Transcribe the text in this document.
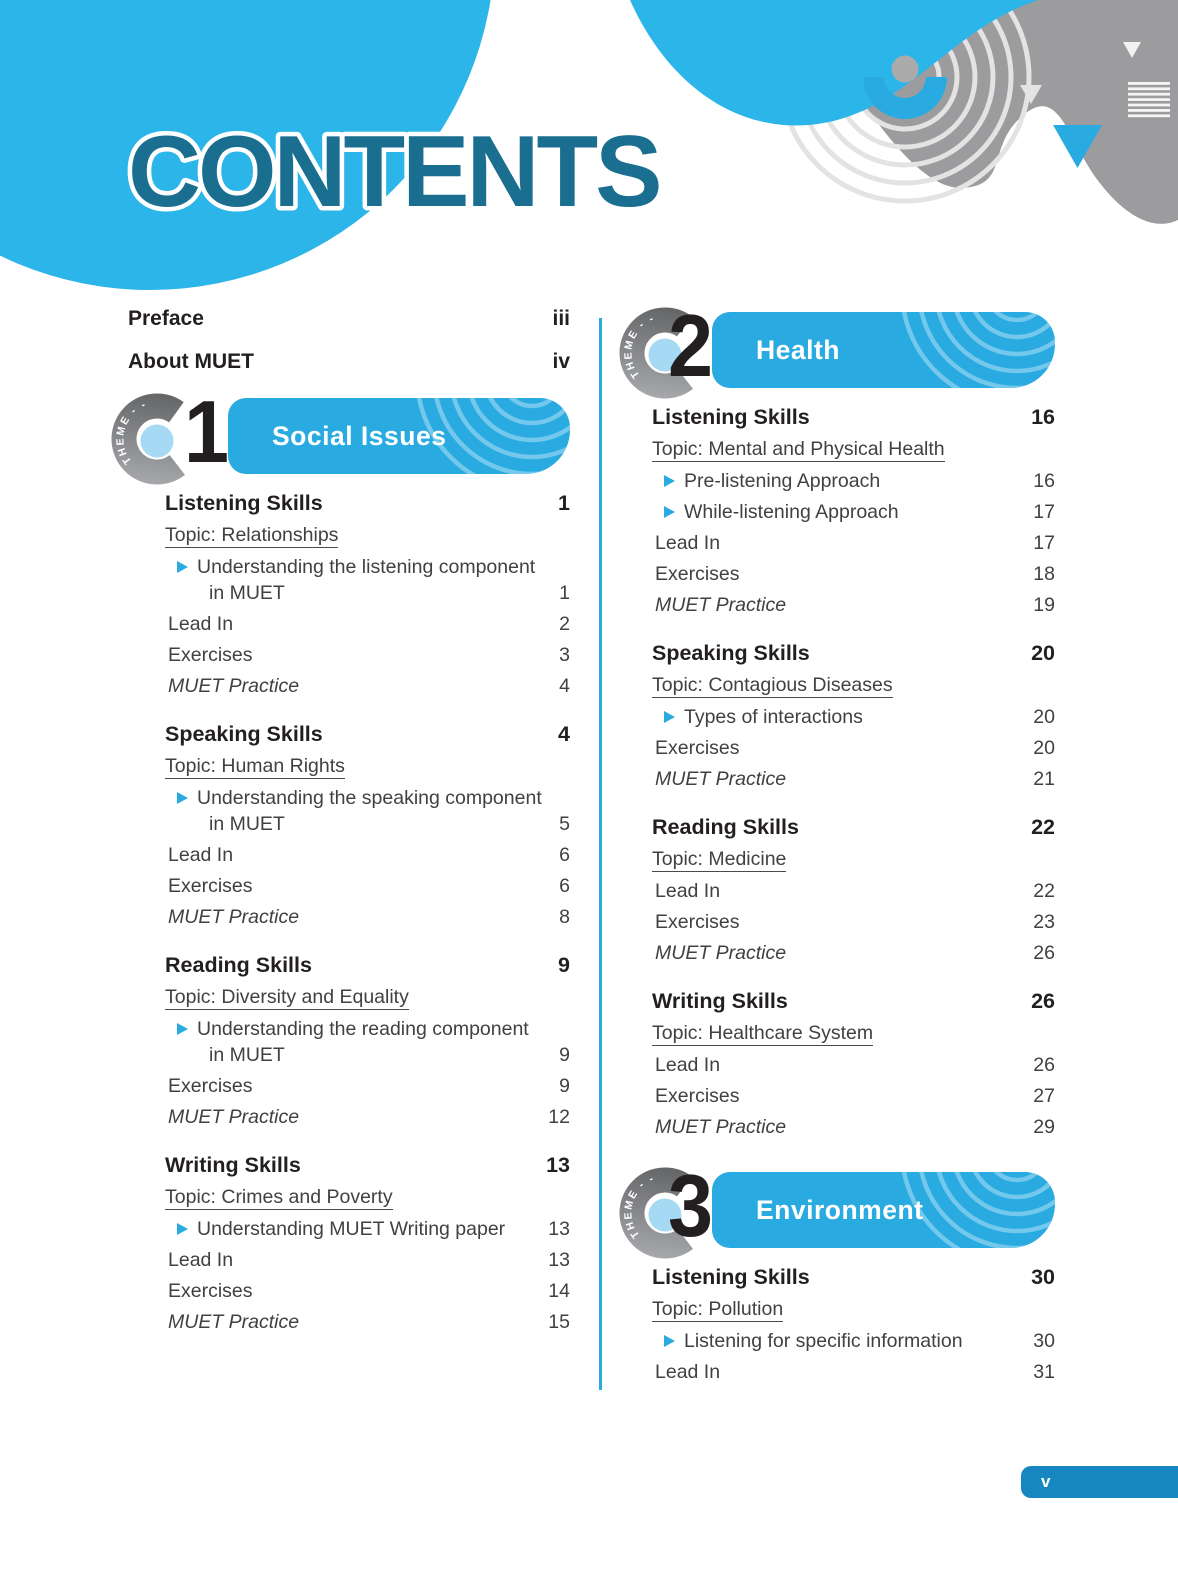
CONTENTS
Preface	iii
About MUET	iv
THEME - - 1	Social Issues
Listening Skills	1
Topic: Relationships
Understanding the listening component
in MUET	1
Lead In	2
Exercises	3
MUET Practice	4
Speaking Skills	4
Topic: Human Rights
Understanding the speaking component
in MUET	5
Lead In	6
Exercises	6
MUET Practice	8
Reading Skills	9
Topic: Diversity and Equality
Understanding the reading component
in MUET	9
Exercises	9
MUET Practice	12
Writing Skills	13
Topic: Crimes and Poverty
Understanding MUET Writing paper	13
Lead In	13
Exercises	14
MUET Practice	15
THEME - - 2	Health
Listening Skills	16
Topic: Mental and Physical Health
Pre-listening Approach	16
While-listening Approach	17
Lead In	17
Exercises	18
MUET Practice	19
Speaking Skills	20
Topic: Contagious Diseases
Types of interactions	20
Exercises	20
MUET Practice	21
Reading Skills	22
Topic: Medicine
Lead In	22
Exercises	23
MUET Practice	26
Writing Skills	26
Topic: Healthcare System
Lead In	26
Exercises	27
MUET Practice	29
THEME - - 3	Environment
Listening Skills	30
Topic: Pollution
Listening for specific information	30
Lead In	31
v
